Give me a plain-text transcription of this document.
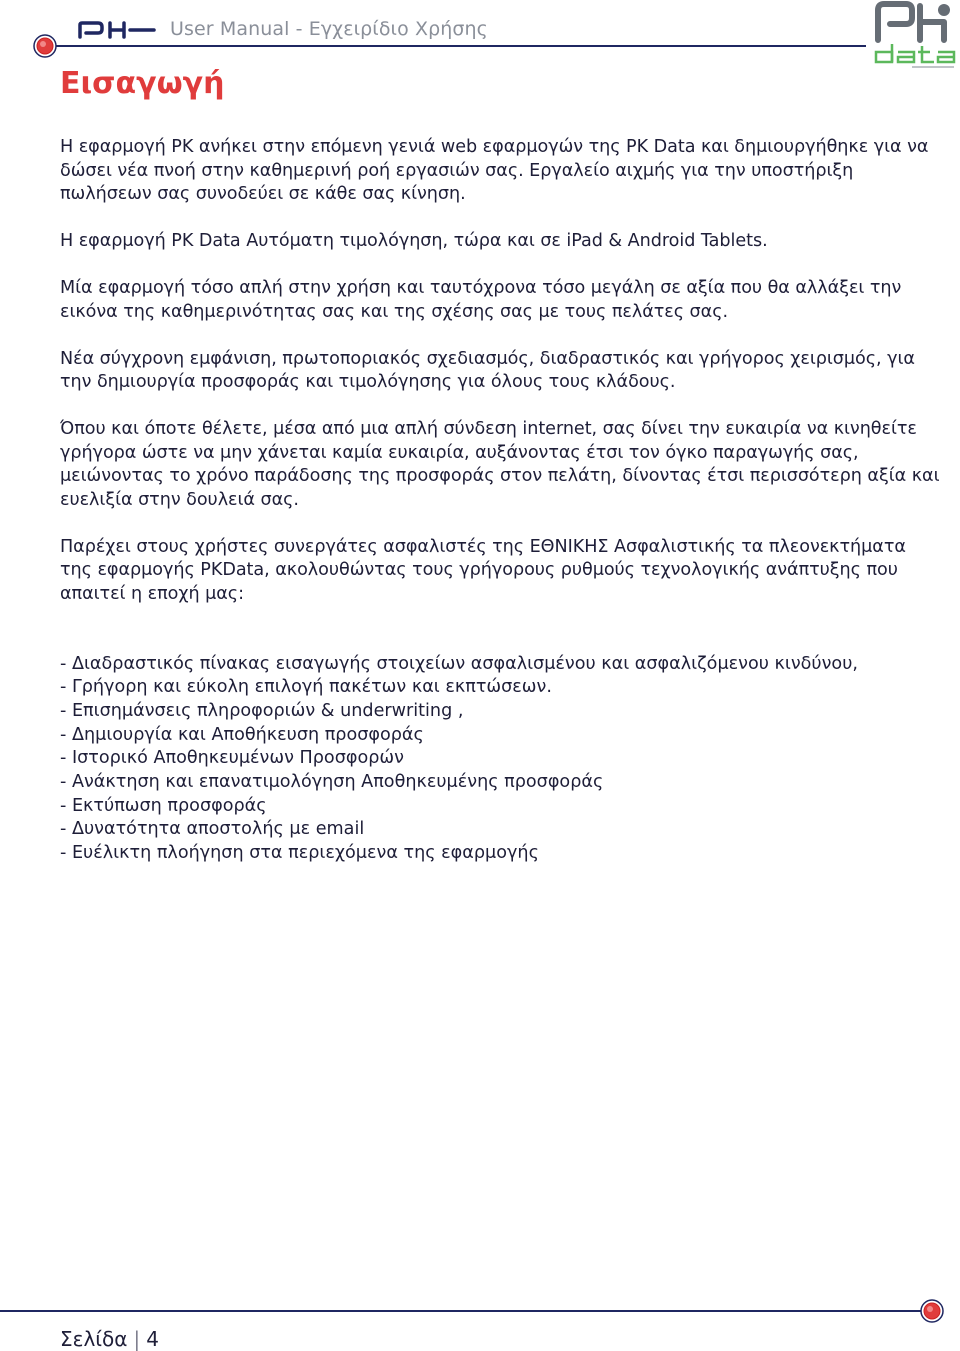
User Manual - Εγχειρίδιο Χρήσης
Εισαγωγή

Η εφαρμογή PK ανήκει στην επόμενη γενιά web εφαρμογών της PK Data και δημιουργήθηκε για να δώσει νέα πνοή στην καθημερινή ροή εργασιών σας. Εργαλείο αιχμής για την υποστήριξη πωλήσεων σας συνοδεύει σε κάθε σας κίνηση.

Η εφαρμογή PK Data Αυτόματη τιμολόγηση, τώρα και σε iPad & Android Tablets.

Μία εφαρμογή τόσο απλή στην χρήση και ταυτόχρονα τόσο μεγάλη σε αξία που θα αλλάξει την εικόνα της καθημερινότητας σας και της σχέσης σας με τους πελάτες σας.

Νέα σύγχρονη εμφάνιση, πρωτοποριακός σχεδιασμός, διαδραστικός και γρήγορος χειρισμός, για την δημιουργία προσφοράς και τιμολόγησης για όλους τους κλάδους.

Όπου και όποτε θέλετε, μέσα από μια απλή σύνδεση internet, σας δίνει την ευκαιρία να κινηθείτε γρήγορα ώστε να μην χάνεται καμία ευκαιρία, αυξάνοντας έτσι τον όγκο παραγωγής σας, μειώνοντας το χρόνο παράδοσης της προσφοράς στον πελάτη, δίνοντας έτσι περισσότερη αξία και ευελιξία στην δουλειά σας.

Παρέχει στους χρήστες συνεργάτες ασφαλιστές της ΕΘΝΙΚΗΣ Ασφαλιστικής τα πλεονεκτήματα της εφαρμογής PKData, ακολουθώντας τους γρήγορους ρυθμούς τεχνολογικής ανάπτυξης που απαιτεί η εποχή μας:

- Διαδραστικός πίνακας εισαγωγής στοιχείων ασφαλισμένου και ασφαλιζόμενου κινδύνου,
- Γρήγορη και εύκολη επιλογή πακέτων και εκπτώσεων.
- Επισημάνσεις πληροφοριών & underwriting ,
- Δημιουργία και Αποθήκευση προσφοράς
- Ιστορικό Αποθηκευμένων Προσφορών
- Ανάκτηση και επανατιμολόγηση Αποθηκευμένης προσφοράς
- Εκτύπωση προσφοράς
- Δυνατότητα αποστολής με email
- Ευέλικτη πλοήγηση στα περιεχόμενα της εφαρμογής
Σελίδα | 4
